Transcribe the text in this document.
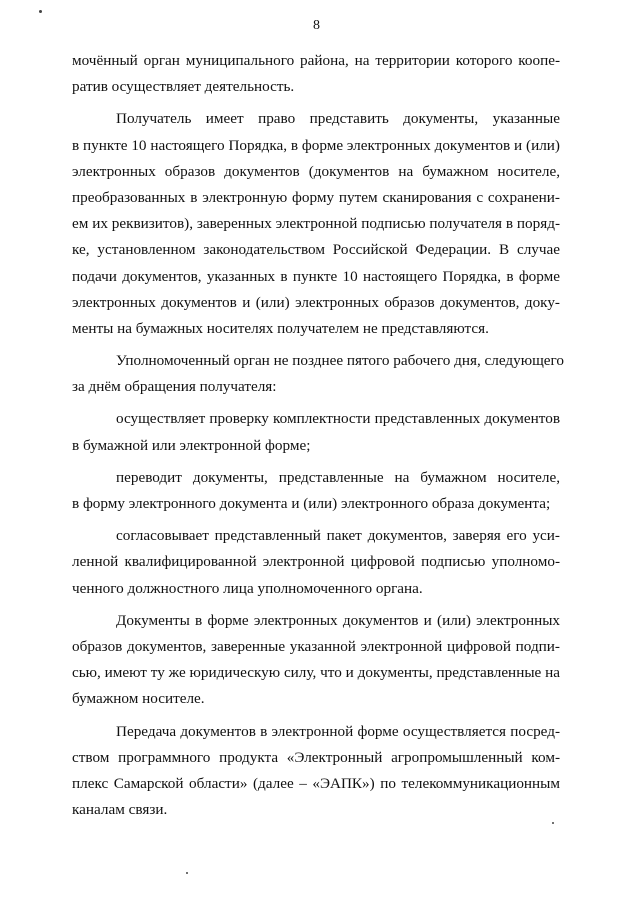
8
мочённый орган муниципального района, на территории которого коопе-
ратив осуществляет деятельность.
Получатель имеет право представить документы, указанные
в пункте 10 настоящего Порядка, в форме электронных документов и (или)
электронных образов документов (документов на бумажном носителе,
преобразованных в электронную форму путем сканирования с сохранени-
ем их реквизитов), заверенных электронной подписью получателя в поряд-
ке, установленном законодательством Российской Федерации. В случае
подачи документов, указанных в пункте 10 настоящего Порядка, в форме
электронных документов и (или) электронных образов документов, доку-
менты на бумажных носителях получателем не представляются.
Уполномоченный орган не позднее пятого рабочего дня, следующего
за днём обращения получателя:
осуществляет проверку комплектности представленных документов
в бумажной или электронной форме;
переводит документы, представленные на бумажном носителе,
в форму электронного документа и (или) электронного образа документа;
согласовывает представленный пакет документов, заверяя его уси-
ленной квалифицированной электронной цифровой подписью уполномо-
ченного должностного лица уполномоченного органа.
Документы в форме электронных документов и (или) электронных
образов документов, заверенные указанной электронной цифровой подпи-
сью, имеют ту же юридическую силу, что и документы, представленные на
бумажном носителе.
Передача документов в электронной форме осуществляется посред-
ством программного продукта «Электронный агропромышленный ком-
плекс Самарской области» (далее – «ЭАПК») по телекоммуникационным
каналам связи.
